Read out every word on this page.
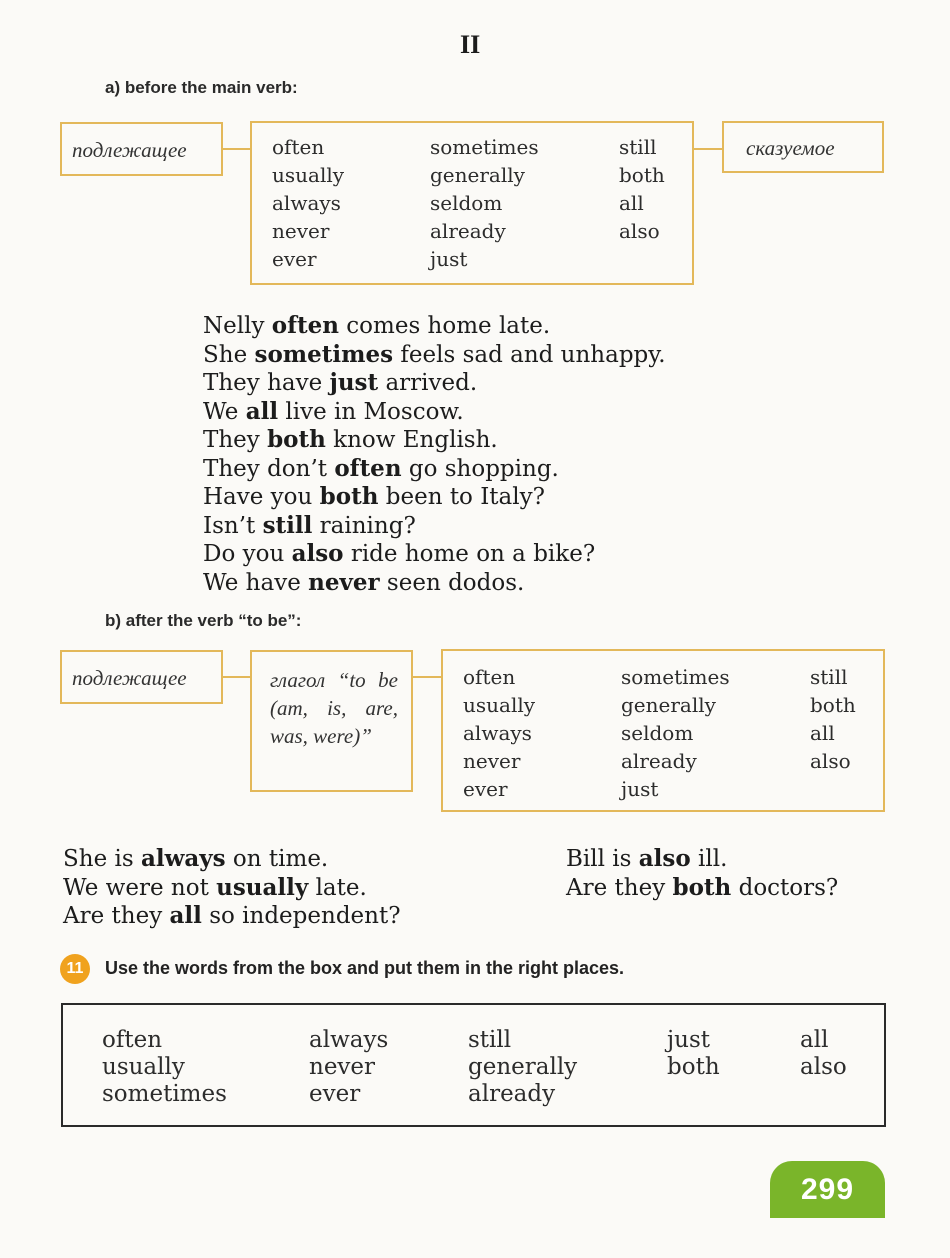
II
a) before the main verb:
подлежащее	often	sometimes	still
usually	generally	both
always	seldom	all
never	already	also
ever	just
сказуемое
Nelly often comes home late.
She sometimes feels sad and unhappy.
They have just arrived.
We all live in Moscow.
They both know English.
They don’t often go shopping.
Have you both been to Italy?
Isn’t still raining?
Do you also ride home on a bike?
We have never seen dodos.
b) after the verb “to be”:
подлежащее	глагол “to be (am, is, are, was, were)”
often	sometimes	still
usually	generally	both
always	seldom	all
never	already	also
ever	just
She is always on time.
We were not usually late.
Are they all so independent?
Bill is also ill.
Are they both doctors?
11	Use the words from the box and put them in the right places.
often	always	still	just	all
usually	never	generally	both	also
sometimes	ever	already
299
